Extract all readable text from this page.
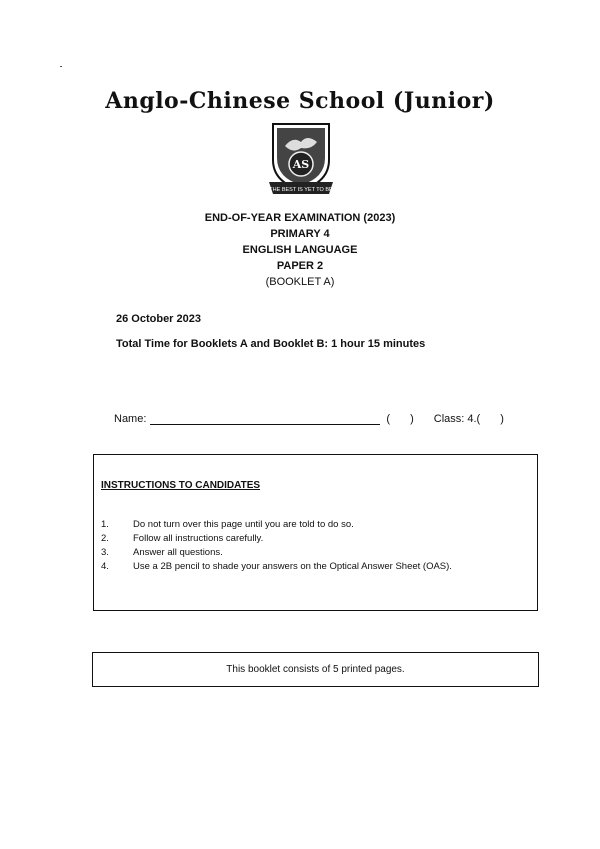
Anglo-Chinese School (Junior)
AS
THE BEST IS YET TO BE
END-OF-YEAR EXAMINATION (2023)
PRIMARY 4
ENGLISH LANGUAGE
PAPER 2
(BOOKLET A)
26 October 2023
Total Time for Booklets A and Booklet B: 1 hour 15 minutes
Name:	( ) Class: 4.( )
INSTRUCTIONS TO CANDIDATES
1.	Do not turn over this page until you are told to do so.
2.	Follow all instructions carefully.
3.	Answer all questions.
4.	Use a 2B pencil to shade your answers on the Optical Answer Sheet (OAS).
This booklet consists of 5 printed pages.
